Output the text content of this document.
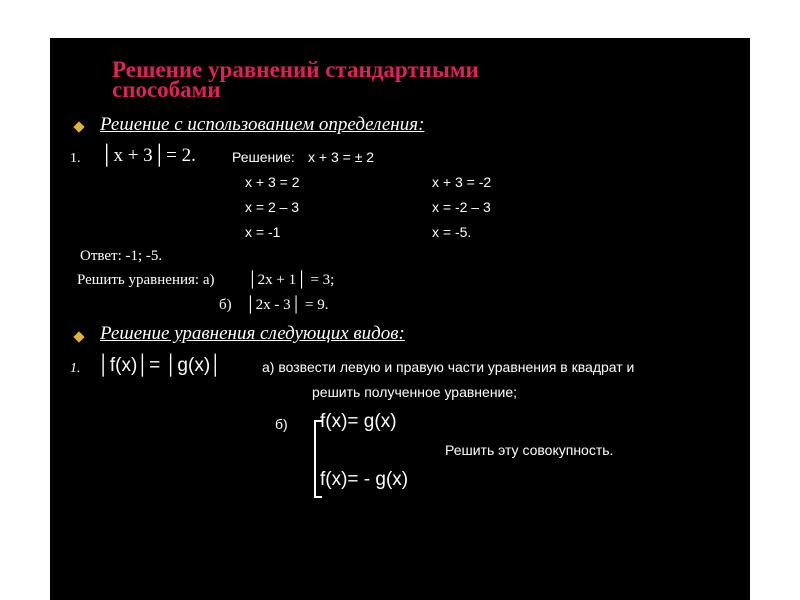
Решение уравнений стандартными
способами
Решение с использованием определения:
1. │x + 3│= 2.	Решение: x + 3 = ± 2
x + 3 = 2
x = 2 – 3
x = -1
x + 3 = -2
x = -2 – 3
x = -5.
Ответ: -1; -5.
Решить уравнения: а) │2x + 1│ = 3;
б) │2x - 3│ = 9.
Решение уравнения следующих видов:
1. │f(x)│= │g(x)│	а) возвести левую и правую части уравнения в квадрат и
решить полученное уравнение;
б) f(x)= g(x)
Решить эту совокупность.
f(x)= - g(x)
